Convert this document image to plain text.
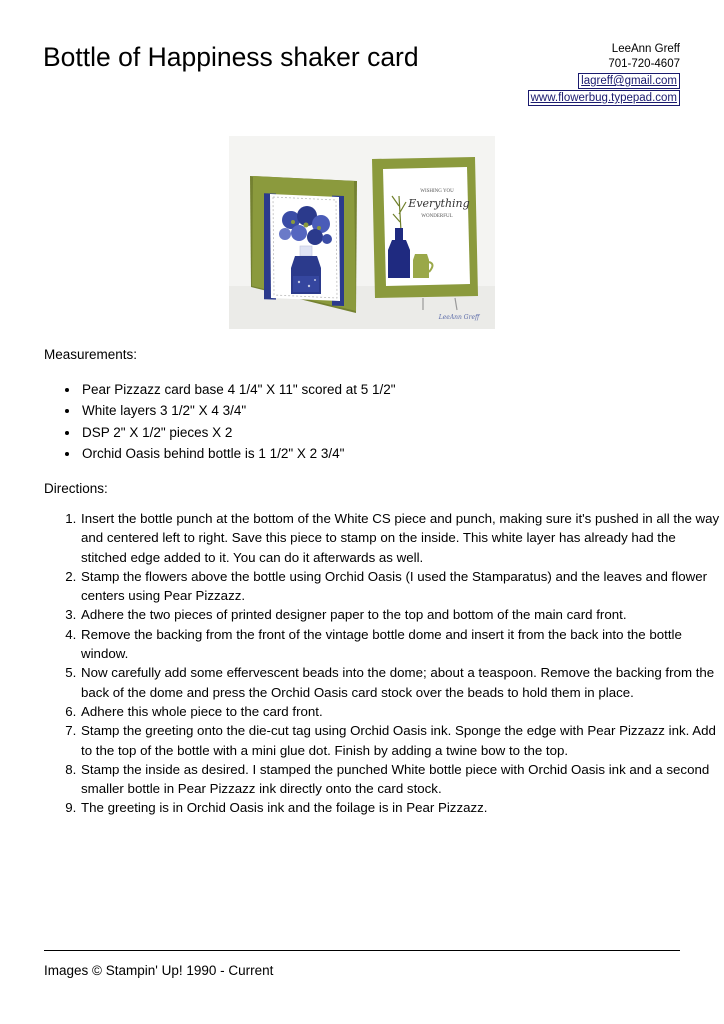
Bottle of Happiness shaker card	LeeAnn Greff
701-720-4607
lagreff@gmail.com
www.flowerbug.typepad.com
WISHING YOU
Everything
WONDERFUL
LeeAnn Greff
Measurements:
• Pear Pizzazz card base 4 1/4" X 11" scored at 5 1/2"
• White layers 3 1/2" X 4 3/4"
• DSP 2" X 1/2" pieces X 2
• Orchid Oasis behind bottle is 1 1/2" X 2 3/4"
Directions:
1. Insert the bottle punch at the bottom of the White CS piece and punch, making sure it's pushed in all the way and centered left to right. Save this piece to stamp on the inside. This white layer has already had the stitched edge added to it. You can do it afterwards as well.
2. Stamp the flowers above the bottle using Orchid Oasis (I used the Stamparatus) and the leaves and flower centers using Pear Pizzazz.
3. Adhere the two pieces of printed designer paper to the top and bottom of the main card front.
4. Remove the backing from the front of the vintage bottle dome and insert it from the back into the bottle window.
5. Now carefully add some effervescent beads into the dome; about a teaspoon. Remove the backing from the back of the dome and press the Orchid Oasis card stock over the beads to hold them in place.
6. Adhere this whole piece to the card front.
7. Stamp the greeting onto the die-cut tag using Orchid Oasis ink. Sponge the edge with Pear Pizzazz ink. Add to the top of the bottle with a mini glue dot. Finish by adding a twine bow to the top.
8. Stamp the inside as desired. I stamped the punched White bottle piece with Orchid Oasis ink and a second smaller bottle in Pear Pizzazz ink directly onto the card stock.
9. The greeting is in Orchid Oasis ink and the foilage is in Pear Pizzazz.
Images © Stampin' Up! 1990 - Current
